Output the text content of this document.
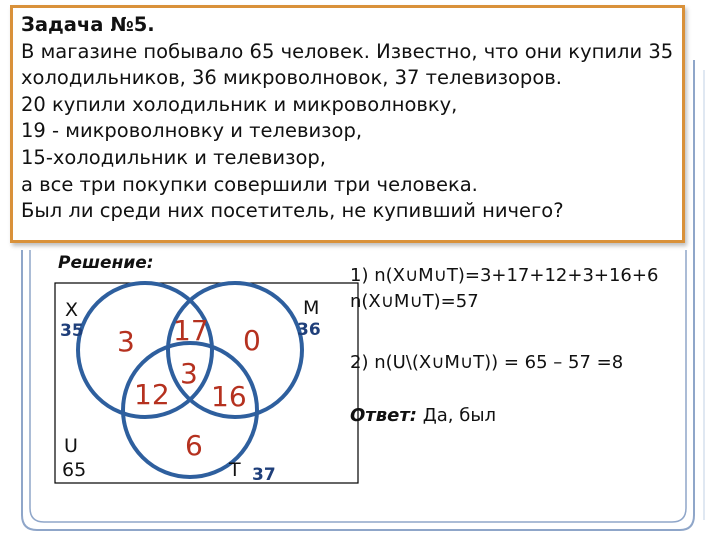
Задача №5.
В магазине побывало 65 человек. Известно, что они купили 35
холодильников, 36 микроволновок, 37 телевизоров.
20 купили холодильник и микроволновку,
19 - микроволновку и телевизор,
15-холодильник и телевизор,
а все три покупки совершили три человека.
Был ли среди них посетитель, не купивший ничего?
Решение:
X
35
M
36
U
65	T 37
3 17 0
3
12 16
6
1) n(X∪M∪T)=3+17+12+3+16+6
n(X∪M∪T)=57
2) n(U\(X∪M∪T)) = 65 – 57 =8
Ответ: Да, был
